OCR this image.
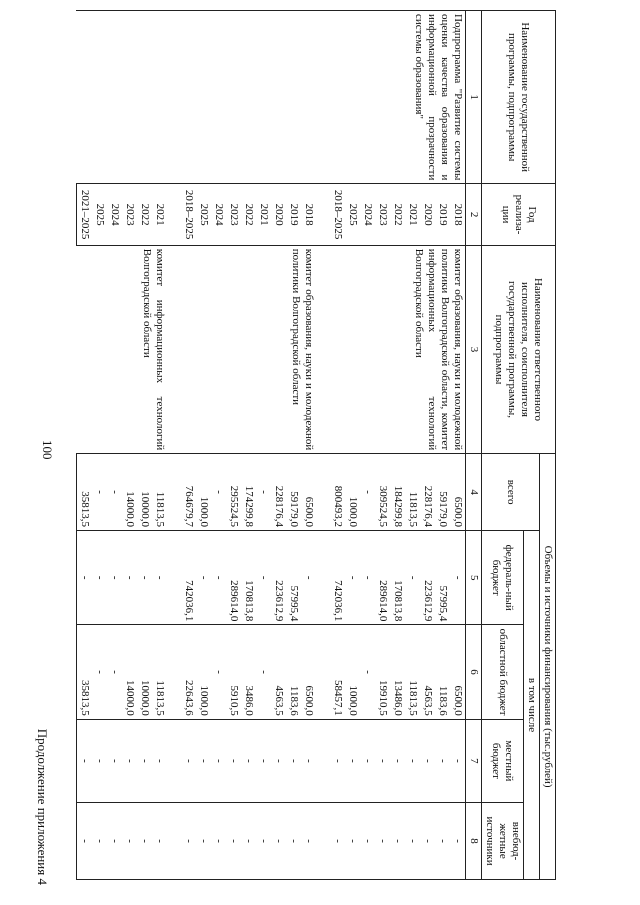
100
Продолжение приложения 4
Наименование государственной программы, подпрограммы	Год реализа-ции	Наименование ответственного исполнителя, соисполнителя государственной программы, подпрограммы	Объемы и источники финансирования (тыс.рублей)				
			всего	в том числе			
				федераль-ный бюджет	областной бюджет	местный бюджет	внебюд-жетные источники
1	2	3	4	5	6	7	8
Подпрограмма "Развитие системы оценки качества образования и информационной прозрачности системы образования"	2018	комитет образования, науки и молодежной политики Волгоградской области, комитет информационных технологий Волгоградской области	6500,0	-	6500,0	-	-
	2019		59179,0	57995,4	1183,6	-	-
	2020		228176,4	223612,9	4563,5	-	-
	2021		11813,5	-	11813,5	-	-
	2022		184299,8	170813,8	13486,0	-	-
	2023		309524,5	289614,0	19910,5	-	-
	2024		-	-	-	-	-
	2025		1000,0	-	1000,0	-	-
	2018–2025		800493,2	742036,1	58457,1	-	-

	2018	комитет образования, науки и молодежной политики Волгоградской области	6500,0	-	6500,0	-	-
	2019		59179,0	57995,4	1183,6	-	-
	2020		228176,4	223612,9	4563,5	-	-
	2021		-	-	-	-	-
	2022		174299,8	170813,8	3486,0	-	-
	2023		295524,5	289614,0	5910,5	-	-
	2024		-	-	-	-	-
	2025		1000,0	-	1000,0	-	-
	2018–2025		764679,7	742036,1	22643,6	-	-

	2021	комитет информационных технологий Волгоградской области	11813,5	-	11813,5	-	-
	2022		10000,0	-	10000,0	-	-
	2023		14000,0	-	14000,0	-	-
	2024		-	-	-	-	-
	2025		-	-	-	-	-
	2021–2025		35813,5	-	35813,5	-	-
